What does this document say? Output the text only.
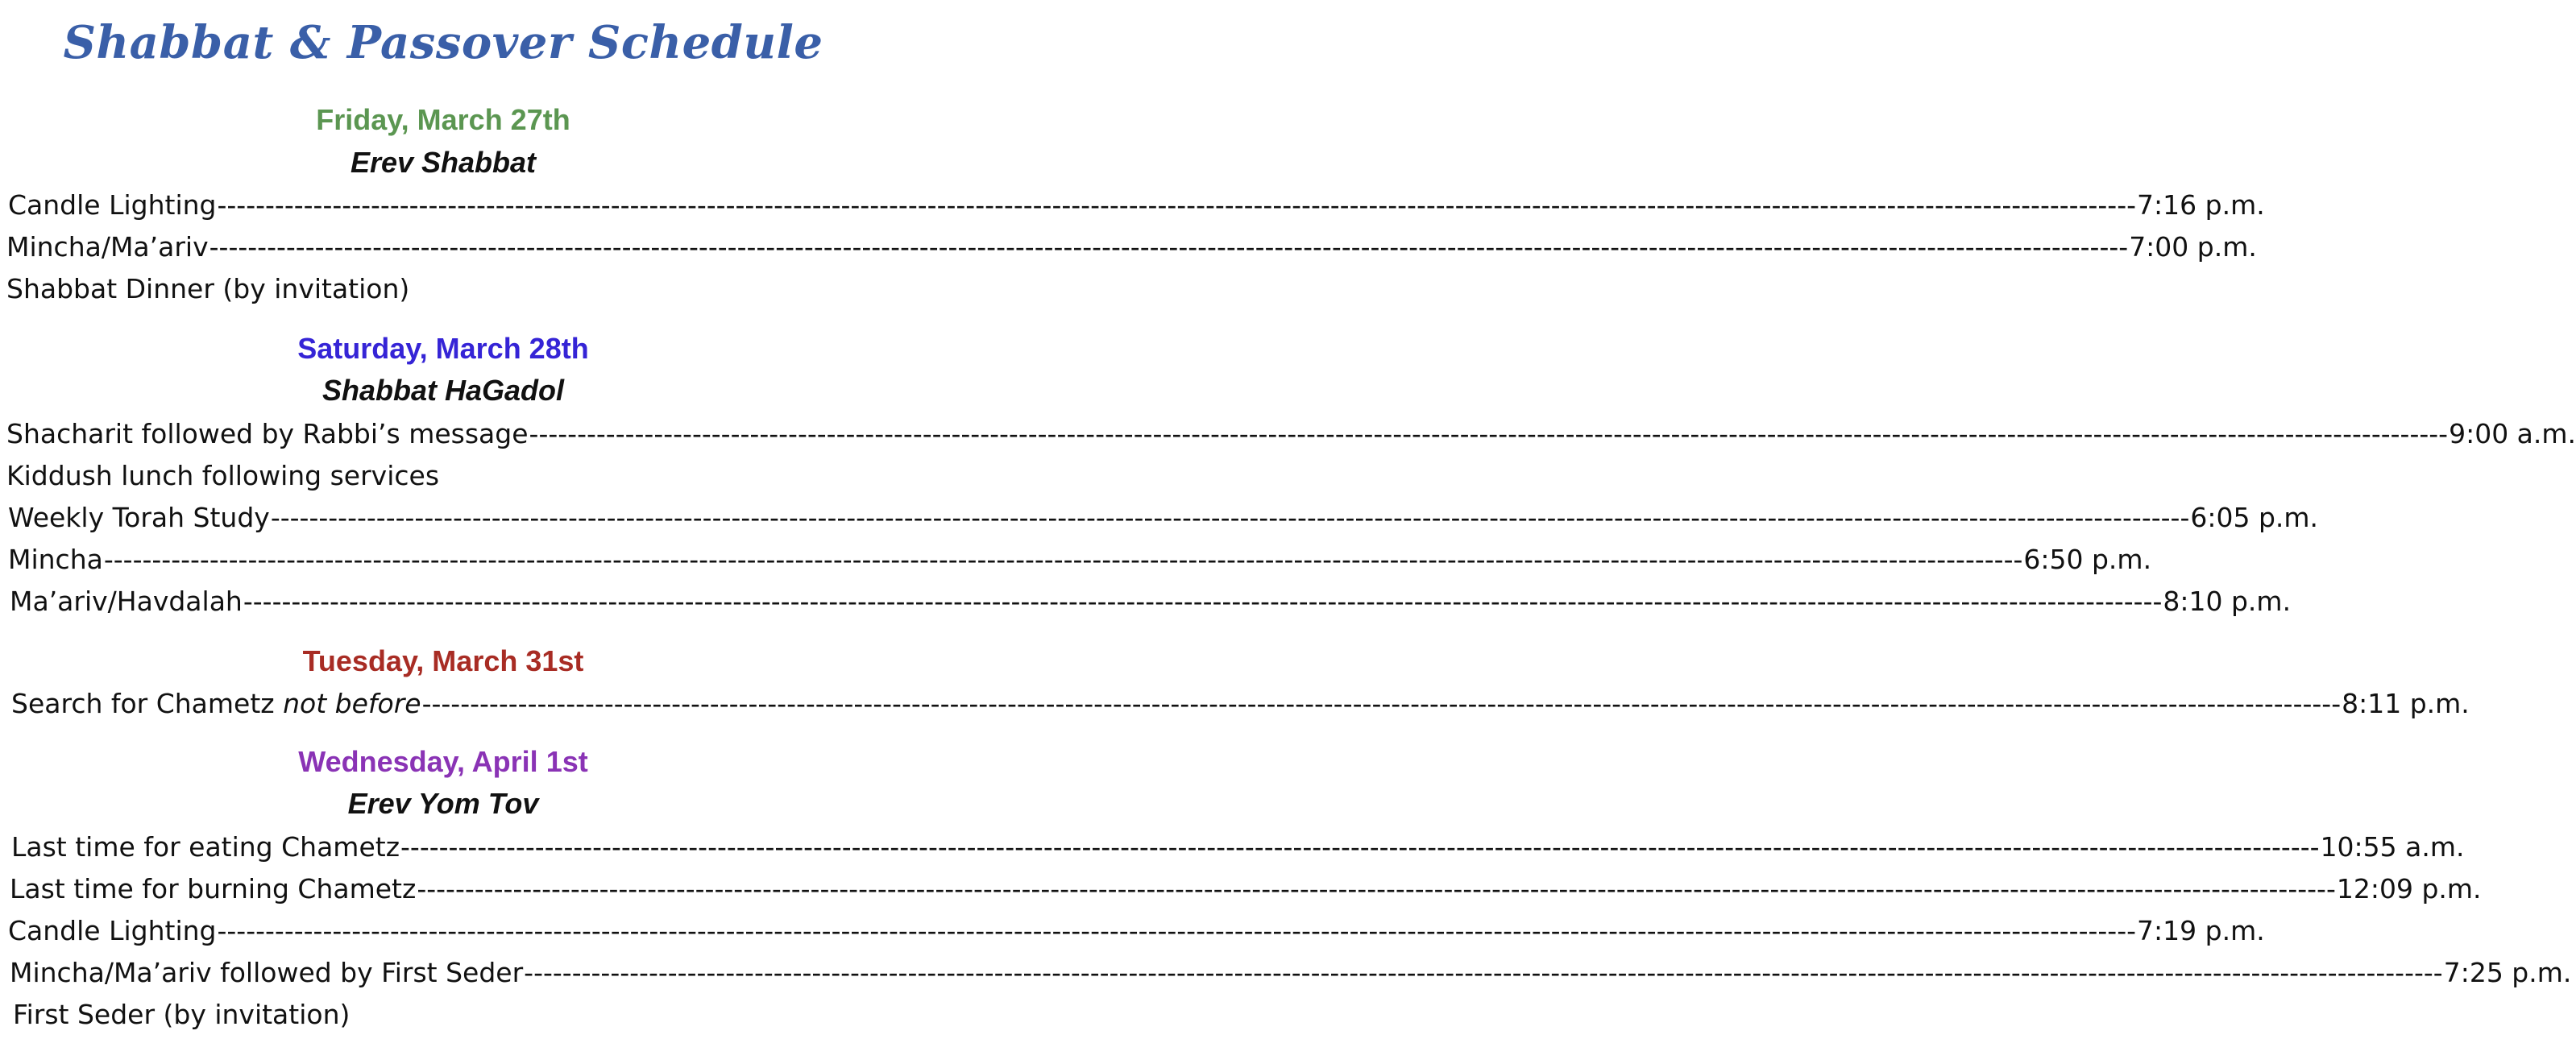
Shabbat & Passover Schedule
Friday, March 27th
Erev Shabbat
Candle Lighting -------------------------------------------------------------------------------------------------------------------------------------------------------------------------------------------------------- 7:16 p.m.
Mincha/Ma’ariv -------------------------------------------------------------------------------------------------------------------------------------------------------------------------------------------------------- 7:00 p.m.
Shabbat Dinner (by invitation)
Saturday, March 28th
Shabbat HaGadol
Shacharit followed by Rabbi’s message -------------------------------------------------------------------------------------------------------------------------------------------------------------------------------------------------------- 9:00 a.m.
Kiddush lunch following services
Weekly Torah Study -------------------------------------------------------------------------------------------------------------------------------------------------------------------------------------------------------- 6:05 p.m.
Mincha -------------------------------------------------------------------------------------------------------------------------------------------------------------------------------------------------------- 6:50 p.m.
Ma’ariv/Havdalah -------------------------------------------------------------------------------------------------------------------------------------------------------------------------------------------------------- 8:10 p.m.
Tuesday, March 31st
Search for Chametz not before -------------------------------------------------------------------------------------------------------------------------------------------------------------------------------------------------------- 8:11 p.m.
Wednesday, April 1st
Erev Yom Tov
Last time for eating Chametz -------------------------------------------------------------------------------------------------------------------------------------------------------------------------------------------------------- 10:55 a.m.
Last time for burning Chametz -------------------------------------------------------------------------------------------------------------------------------------------------------------------------------------------------------- 12:09 p.m.
Candle Lighting -------------------------------------------------------------------------------------------------------------------------------------------------------------------------------------------------------- 7:19 p.m.
Mincha/Ma’ariv followed by First Seder -------------------------------------------------------------------------------------------------------------------------------------------------------------------------------------------------------- 7:25 p.m.
First Seder (by invitation)
